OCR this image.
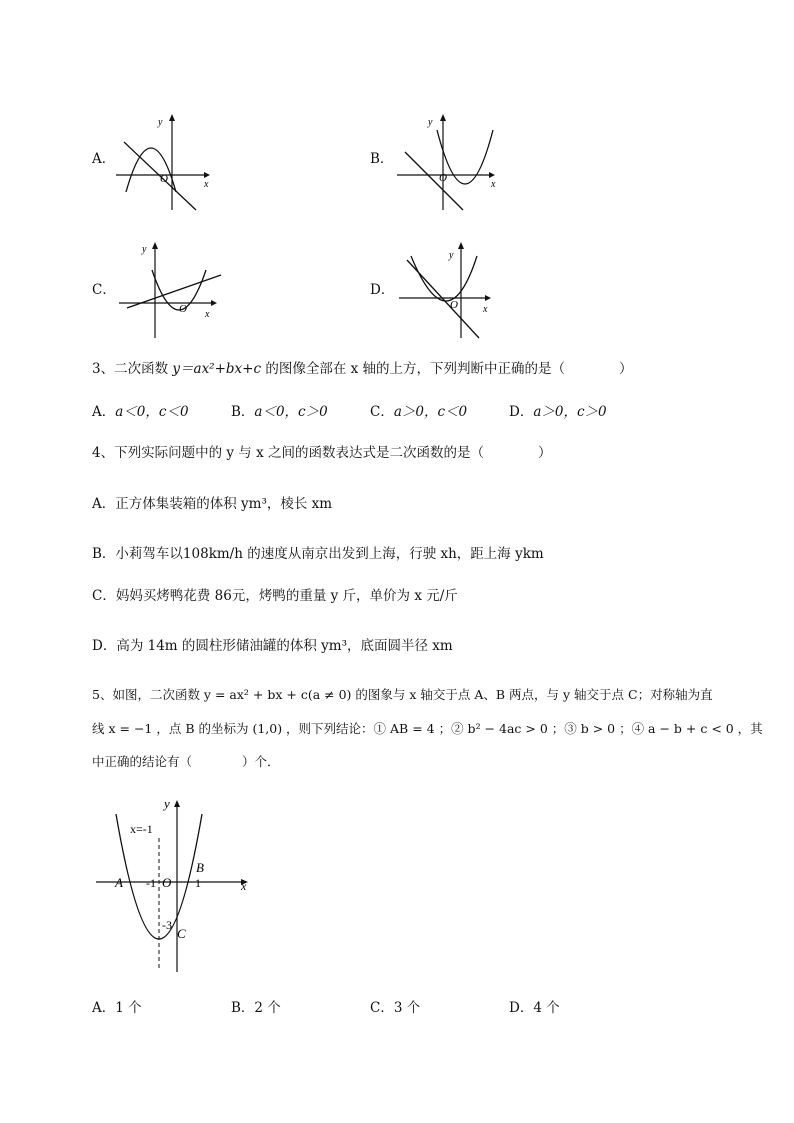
A．
y
x
O
B．
y
x
O
C．
y
x
O
D．
y
x
O
3、二次函数 y＝ax²+bx+c 的图像全部在 x 轴的上方，下列判断中正确的是（　　　　）
A．a＜0，c＜0	B．a＜0，c＞0	C．a＞0，c＜0	D．a＞0，c＞0
4、下列实际问题中的 y 与 x 之间的函数表达式是二次函数的是（　　　　）
A．正方体集装箱的体积 ym³，棱长 xm
B．小莉驾车以108km/h 的速度从南京出发到上海，行驶 xh，距上海 ykm
C．妈妈买烤鸭花费 86元，烤鸭的重量 y 斤，单价为 x 元/斤
D．高为 14m 的圆柱形储油罐的体积 ym³，底面圆半径 xm
5、如图，二次函数 y = ax² + bx + c(a ≠ 0) 的图象与 x 轴交于点 A、B 两点，与 y 轴交于点 C；对称轴为直
线 x = −1 ，点 B 的坐标为 (1,0) ，则下列结论：① AB = 4 ；② b² − 4ac > 0 ；③ b > 0 ；④ a − b + c < 0 ，其
中正确的结论有（　　　　）个．
x=-1
y
x
A
B
C
O
-1	1
-3
A．1 个	B．2 个	C．3 个	D．4 个
